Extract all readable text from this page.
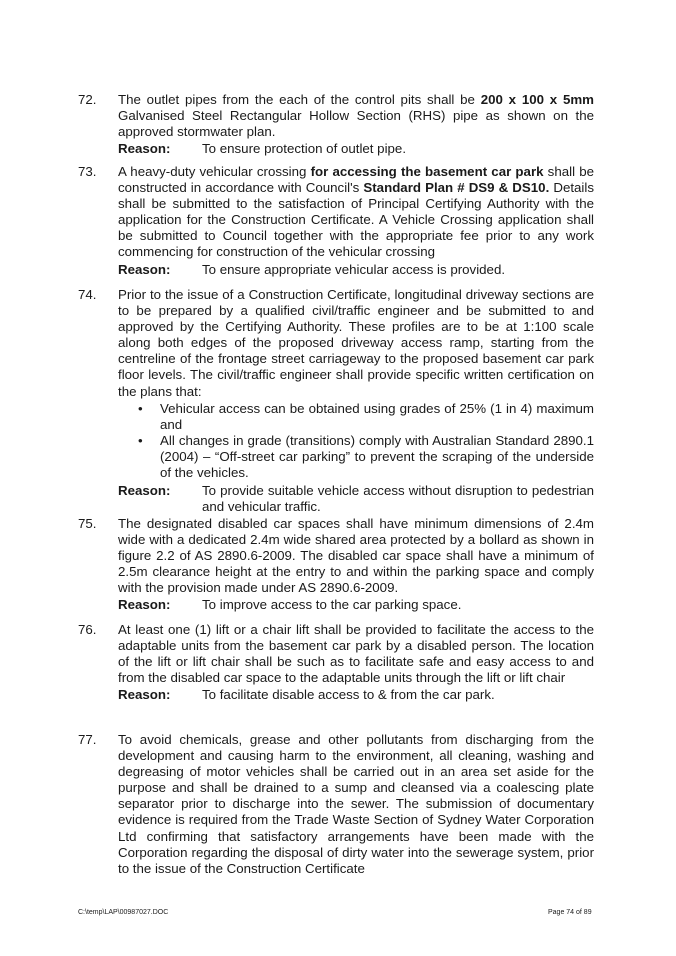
72.	The outlet pipes from the each of the control pits shall be 200 x 100 x 5mm Galvanised Steel Rectangular Hollow Section (RHS) pipe as shown on the approved stormwater plan.
Reason:	To ensure protection of outlet pipe.
73.	A heavy-duty vehicular crossing for accessing the basement car park shall be constructed in accordance with Council's Standard Plan # DS9 & DS10. Details shall be submitted to the satisfaction of Principal Certifying Authority with the application for the Construction Certificate. A Vehicle Crossing application shall be submitted to Council together with the appropriate fee prior to any work commencing for construction of the vehicular crossing
Reason:	To ensure appropriate vehicular access is provided.
74.	Prior to the issue of a Construction Certificate, longitudinal driveway sections are to be prepared by a qualified civil/traffic engineer and be submitted to and approved by the Certifying Authority. These profiles are to be at 1:100 scale along both edges of the proposed driveway access ramp, starting from the centreline of the frontage street carriageway to the proposed basement car park floor levels. The civil/traffic engineer shall provide specific written certification on the plans that:
• Vehicular access can be obtained using grades of 25% (1 in 4) maximum and
• All changes in grade (transitions) comply with Australian Standard 2890.1 (2004) – “Off-street car parking” to prevent the scraping of the underside of the vehicles.
Reason:	To provide suitable vehicle access without disruption to pedestrian and vehicular traffic.
75.	The designated disabled car spaces shall have minimum dimensions of 2.4m wide with a dedicated 2.4m wide shared area protected by a bollard as shown in figure 2.2 of AS 2890.6-2009. The disabled car space shall have a minimum of 2.5m clearance height at the entry to and within the parking space and comply with the provision made under AS 2890.6-2009.
Reason:	To improve access to the car parking space.
76.	At least one (1) lift or a chair lift shall be provided to facilitate the access to the adaptable units from the basement car park by a disabled person. The location of the lift or lift chair shall be such as to facilitate safe and easy access to and from the disabled car space to the adaptable units through the lift or lift chair
Reason:	To facilitate disable access to & from the car park.
77.	To avoid chemicals, grease and other pollutants from discharging from the development and causing harm to the environment, all cleaning, washing and degreasing of motor vehicles shall be carried out in an area set aside for the purpose and shall be drained to a sump and cleansed via a coalescing plate separator prior to discharge into the sewer. The submission of documentary evidence is required from the Trade Waste Section of Sydney Water Corporation Ltd confirming that satisfactory arrangements have been made with the Corporation regarding the disposal of dirty water into the sewerage system, prior to the issue of the Construction Certificate
C:\temp\LAP\00987027.DOC	Page 74 of 89
